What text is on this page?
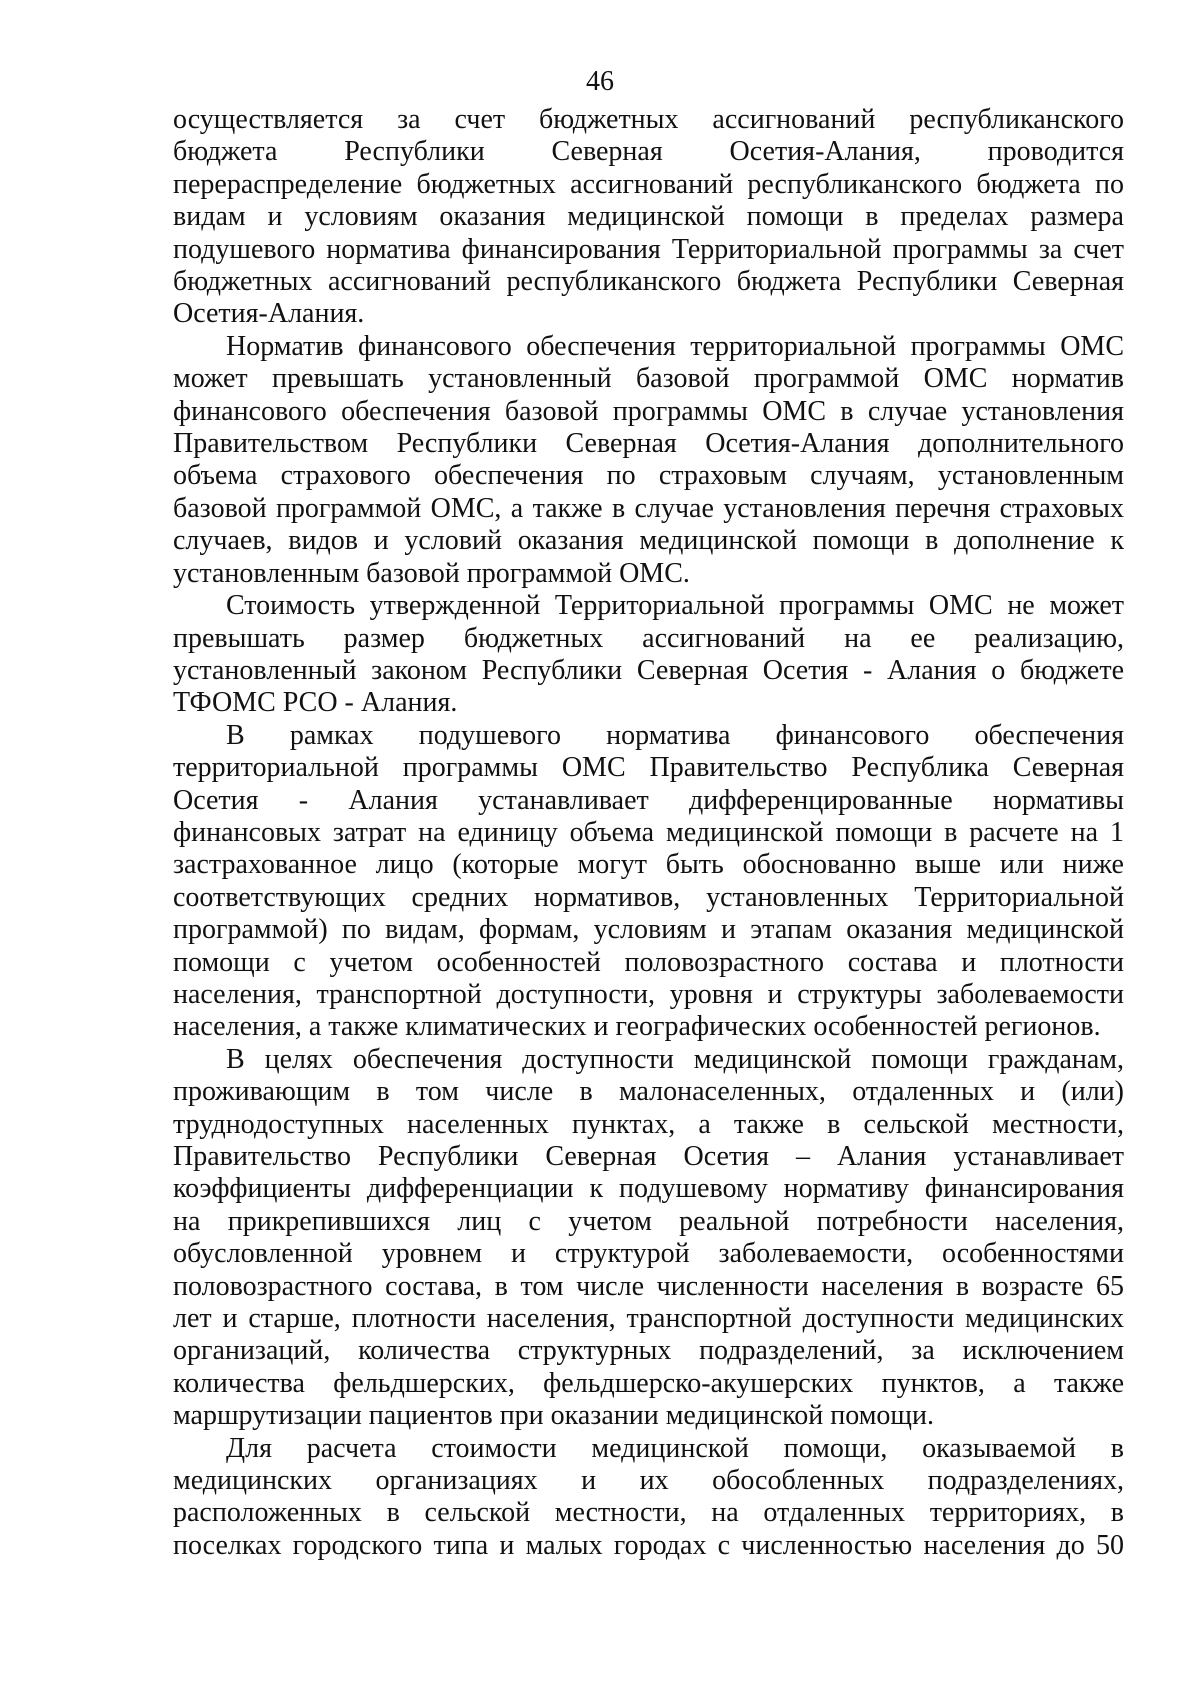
46
осуществляется за счет бюджетных ассигнований республиканского
бюджета Республики Северная Осетия-Алания, проводится
перераспределение бюджетных ассигнований республиканского бюджета по
видам и условиям оказания медицинской помощи в пределах размера
подушевого норматива финансирования Территориальной программы за счет
бюджетных ассигнований республиканского бюджета Республики Северная
Осетия-Алания.
Норматив финансового обеспечения территориальной программы ОМС
может превышать установленный базовой программой ОМС норматив
финансового обеспечения базовой программы ОМС в случае установления
Правительством Республики Северная Осетия-Алания дополнительного
объема страхового обеспечения по страховым случаям, установленным
базовой программой ОМС, а также в случае установления перечня страховых
случаев, видов и условий оказания медицинской помощи в дополнение к
установленным базовой программой ОМС.
Стоимость утвержденной Территориальной программы ОМС не может
превышать размер бюджетных ассигнований на ее реализацию,
установленный законом Республики Северная Осетия - Алания о бюджете
ТФОМС РСО - Алания.
В рамках подушевого норматива финансового обеспечения
территориальной программы ОМС Правительство Республика Северная
Осетия - Алания устанавливает дифференцированные нормативы
финансовых затрат на единицу объема медицинской помощи в расчете на 1
застрахованное лицо (которые могут быть обоснованно выше или ниже
соответствующих средних нормативов, установленных Территориальной
программой) по видам, формам, условиям и этапам оказания медицинской
помощи с учетом особенностей половозрастного состава и плотности
населения, транспортной доступности, уровня и структуры заболеваемости
населения, а также климатических и географических особенностей регионов.
В целях обеспечения доступности медицинской помощи гражданам,
проживающим в том числе в малонаселенных, отдаленных и (или)
труднодоступных населенных пунктах, а также в сельской местности,
Правительство Республики Северная Осетия – Алания устанавливает
коэффициенты дифференциации к подушевому нормативу финансирования
на прикрепившихся лиц с учетом реальной потребности населения,
обусловленной уровнем и структурой заболеваемости, особенностями
половозрастного состава, в том числе численности населения в возрасте 65
лет и старше, плотности населения, транспортной доступности медицинских
организаций, количества структурных подразделений, за исключением
количества фельдшерских, фельдшерско-акушерских пунктов, а также
маршрутизации пациентов при оказании медицинской помощи.
Для расчета стоимости медицинской помощи, оказываемой в
медицинских организациях и их обособленных подразделениях,
расположенных в сельской местности, на отдаленных территориях, в
поселках городского типа и малых городах с численностью населения до 50
